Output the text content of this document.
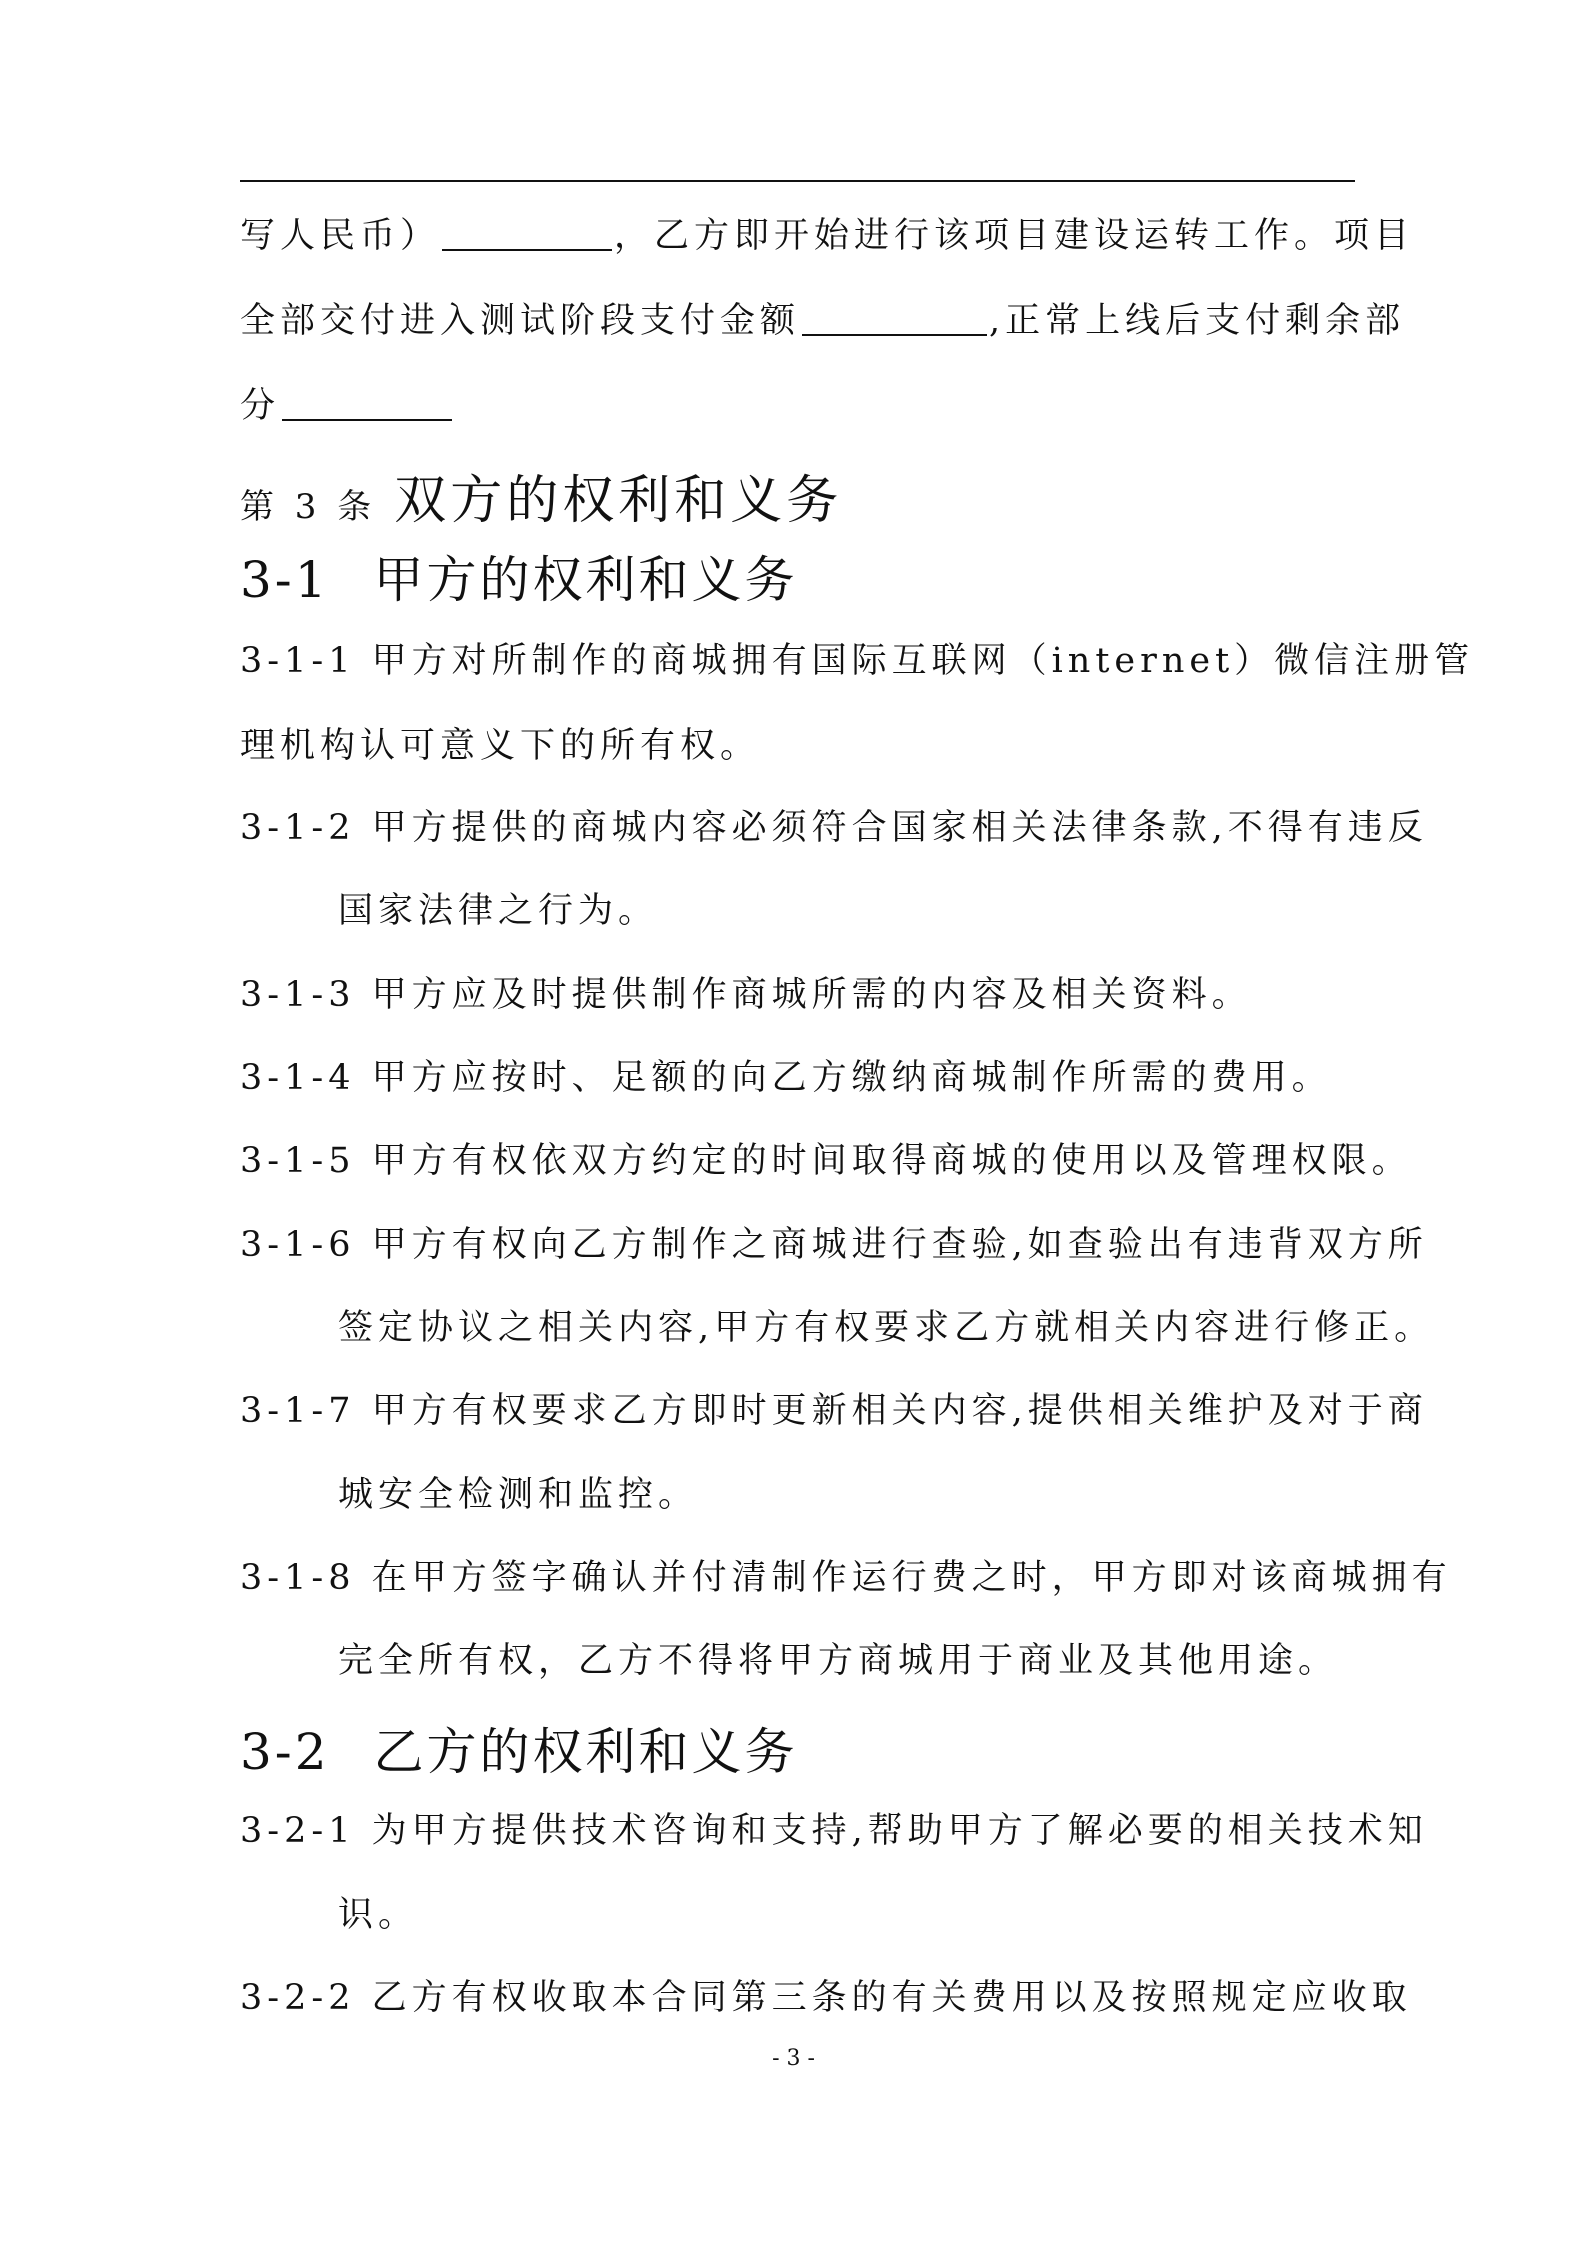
写人民币）	，乙方即开始进行该项目建设运转工作。项目
全部交付进入测试阶段支付金额	,正常上线后支付剩余部
分
第 3 条 双方的权利和义务
3-1 甲方的权利和义务
3-1-1 甲方对所制作的商城拥有国际互联网（internet）微信注册管
理机构认可意义下的所有权。
3-1-2 甲方提供的商城内容必须符合国家相关法律条款,不得有违反
国家法律之行为。
3-1-3 甲方应及时提供制作商城所需的内容及相关资料。
3-1-4 甲方应按时、足额的向乙方缴纳商城制作所需的费用。
3-1-5 甲方有权依双方约定的时间取得商城的使用以及管理权限。
3-1-6 甲方有权向乙方制作之商城进行查验,如查验出有违背双方所
签定协议之相关内容,甲方有权要求乙方就相关内容进行修正。
3-1-7 甲方有权要求乙方即时更新相关内容,提供相关维护及对于商
城安全检测和监控。
3-1-8 在甲方签字确认并付清制作运行费之时，甲方即对该商城拥有
完全所有权，乙方不得将甲方商城用于商业及其他用途。
3-2 乙方的权利和义务
3-2-1 为甲方提供技术咨询和支持,帮助甲方了解必要的相关技术知
识。
3-2-2 乙方有权收取本合同第三条的有关费用以及按照规定应收取
- 3 -
